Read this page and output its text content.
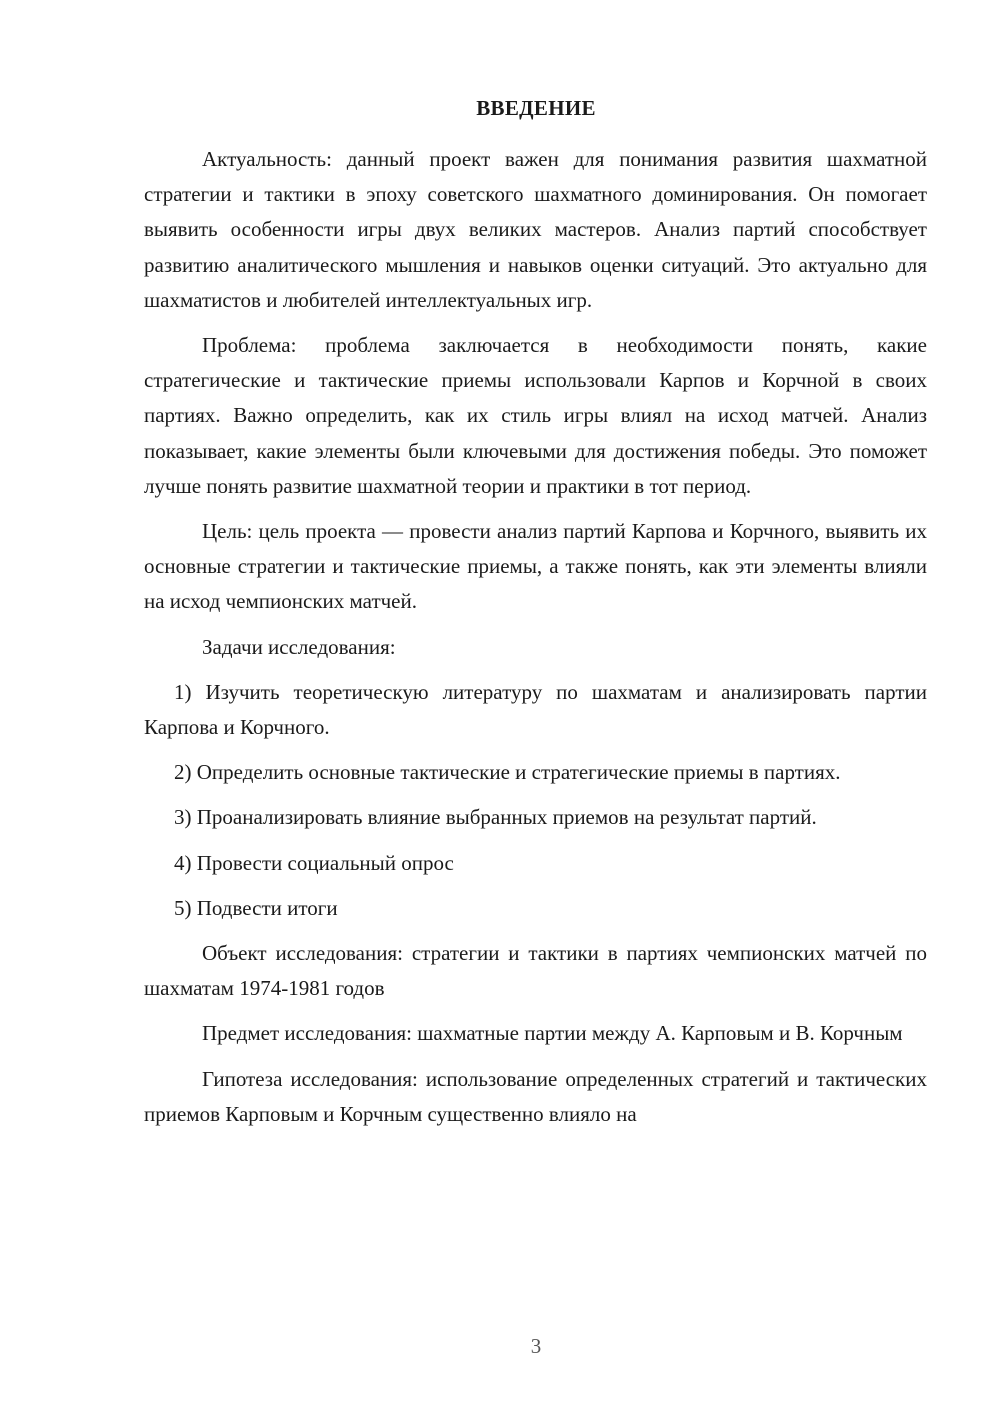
ВВЕДЕНИЕ

Актуальность: данный проект важен для понимания развития шахматной стратегии и тактики в эпоху советского шахматного доминирования. Он помогает выявить особенности игры двух великих мастеров. Анализ партий способствует развитию аналитического мышления и навыков оценки ситуаций. Это актуально для шахматистов и любителей интеллектуальных игр.

Проблема: проблема заключается в необходимости понять, какие стратегические и тактические приемы использовали Карпов и Корчной в своих партиях. Важно определить, как их стиль игры влиял на исход матчей. Анализ показывает, какие элементы были ключевыми для достижения победы. Это поможет лучше понять развитие шахматной теории и практики в тот период.

Цель: цель проекта — провести анализ партий Карпова и Корчного, выявить их основные стратегии и тактические приемы, а также понять, как эти элементы влияли на исход чемпионских матчей.

Задачи исследования:

1) Изучить теоретическую литературу по шахматам и анализировать партии Карпова и Корчного.

2) Определить основные тактические и стратегические приемы в партиях.

3) Проанализировать влияние выбранных приемов на результат партий.

4) Провести социальный опрос

5) Подвести итоги

Объект исследования: стратегии и тактики в партиях чемпионских матчей по шахматам 1974-1981 годов

Предмет исследования: шахматные партии между А. Карповым и В. Корчным

Гипотеза исследования: использование определенных стратегий и тактических приемов Карповым и Корчным существенно влияло на

3
